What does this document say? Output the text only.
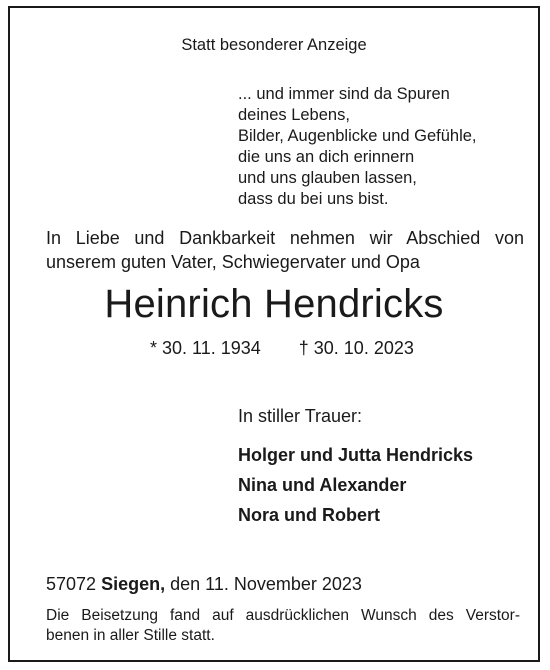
Statt besonderer Anzeige
... und immer sind da Spuren
deines Lebens,
Bilder, Augenblicke und Gefühle,
die uns an dich erinnern
und uns glauben lassen,
dass du bei uns bist.
In Liebe und Dankbarkeit nehmen wir Abschied von
unserem guten Vater, Schwiegervater und Opa
Heinrich Hendricks
* 30. 11. 1934 † 30. 10. 2023
In stiller Trauer:
Holger und Jutta Hendricks
Nina und Alexander
Nora und Robert
57072 Siegen, den 11. November 2023
Die Beisetzung fand auf ausdrücklichen Wunsch des Verstor-
benen in aller Stille statt.
